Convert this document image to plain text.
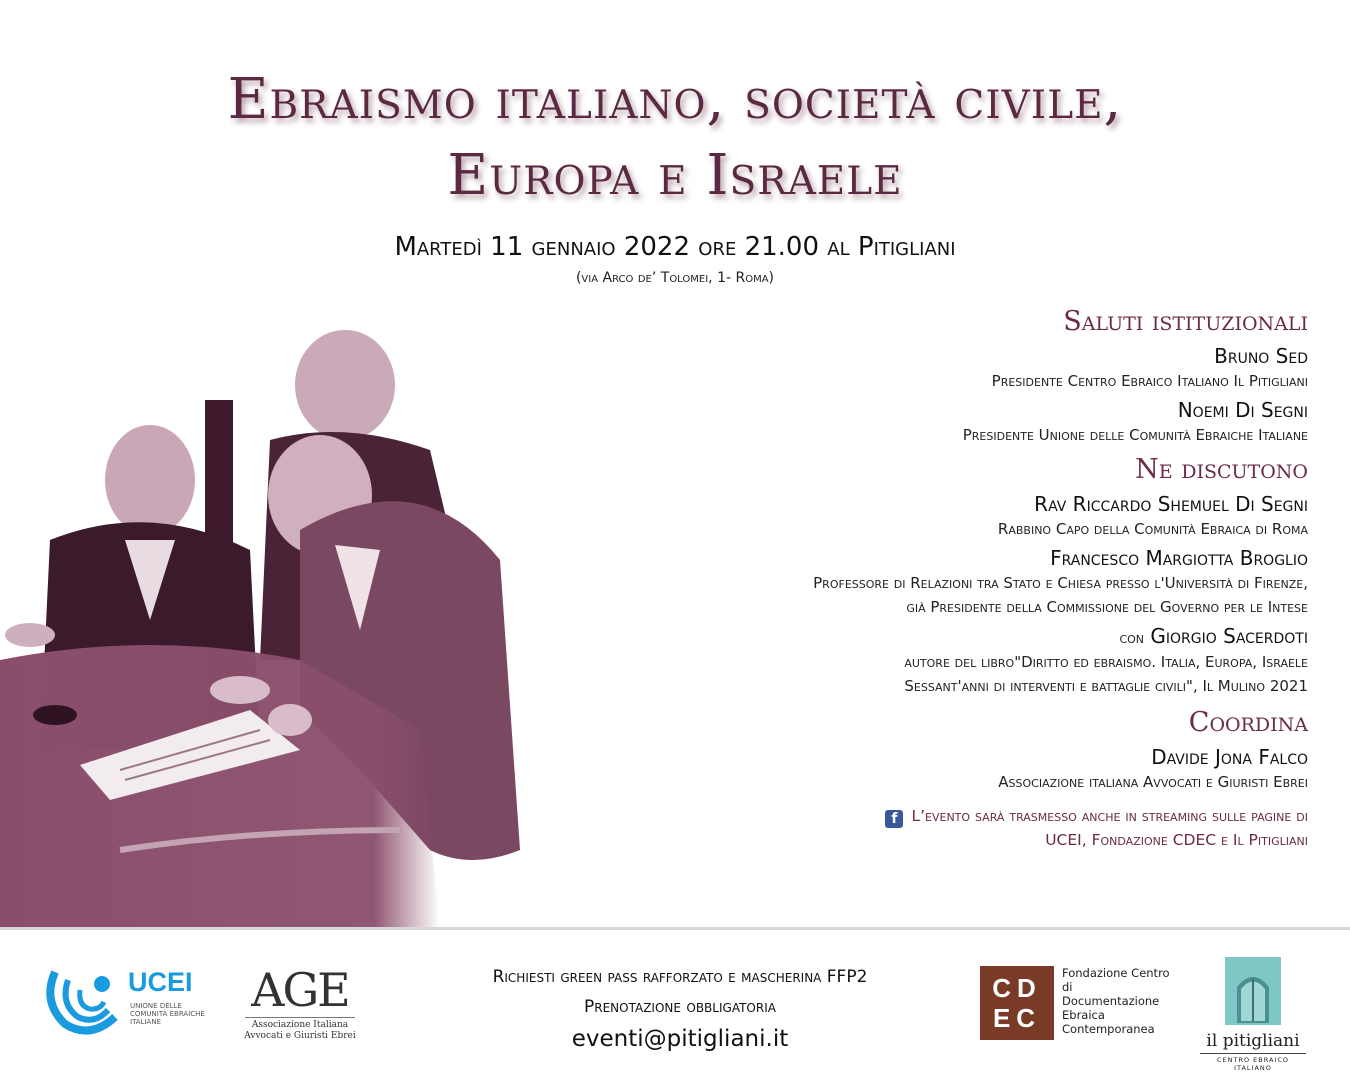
Ebraismo italiano, società civile,
Europa e Israele
Martedì 11 gennaio 2022 ore 21.00 al Pitigliani
(via Arco de’ Tolomei, 1- Roma)
Saluti istituzionali
Bruno Sed
Presidente Centro Ebraico Italiano Il Pitigliani
Noemi Di Segni
Presidente Unione delle Comunità Ebraiche Italiane
Ne discutono
Rav Riccardo Shemuel Di Segni
Rabbino Capo della Comunità Ebraica di Roma
Francesco Margiotta Broglio
Professore di Relazioni tra Stato e Chiesa presso l'Università di Firenze,
già Presidente della Commissione del Governo per le Intese
con Giorgio Sacerdoti
autore del libro"Diritto ed ebraismo. Italia, Europa, Israele
Sessant'anni di interventi e battaglie civili", Il Mulino 2021
Coordina
Davide Jona Falco
Associazione italiana Avvocati e Giuristi Ebrei
f L’evento sarà trasmesso anche in streaming sulle pagine di
UCEI, Fondazione CDEC e Il Pitigliani
UCEI
UNIONE DELLE COMUNITÀ EBRAICHE ITALIANE
AGE
Associazione Italiana Avvocati e Giuristi Ebrei
Richiesti green pass rafforzato e mascherina FFP2
Prenotazione obbligatoria
eventi@pitigliani.it
CD
EC
Fondazione Centro di Documentazione Ebraica Contemporanea
il pitigliani
CENTRO EBRAICO ITALIANO
